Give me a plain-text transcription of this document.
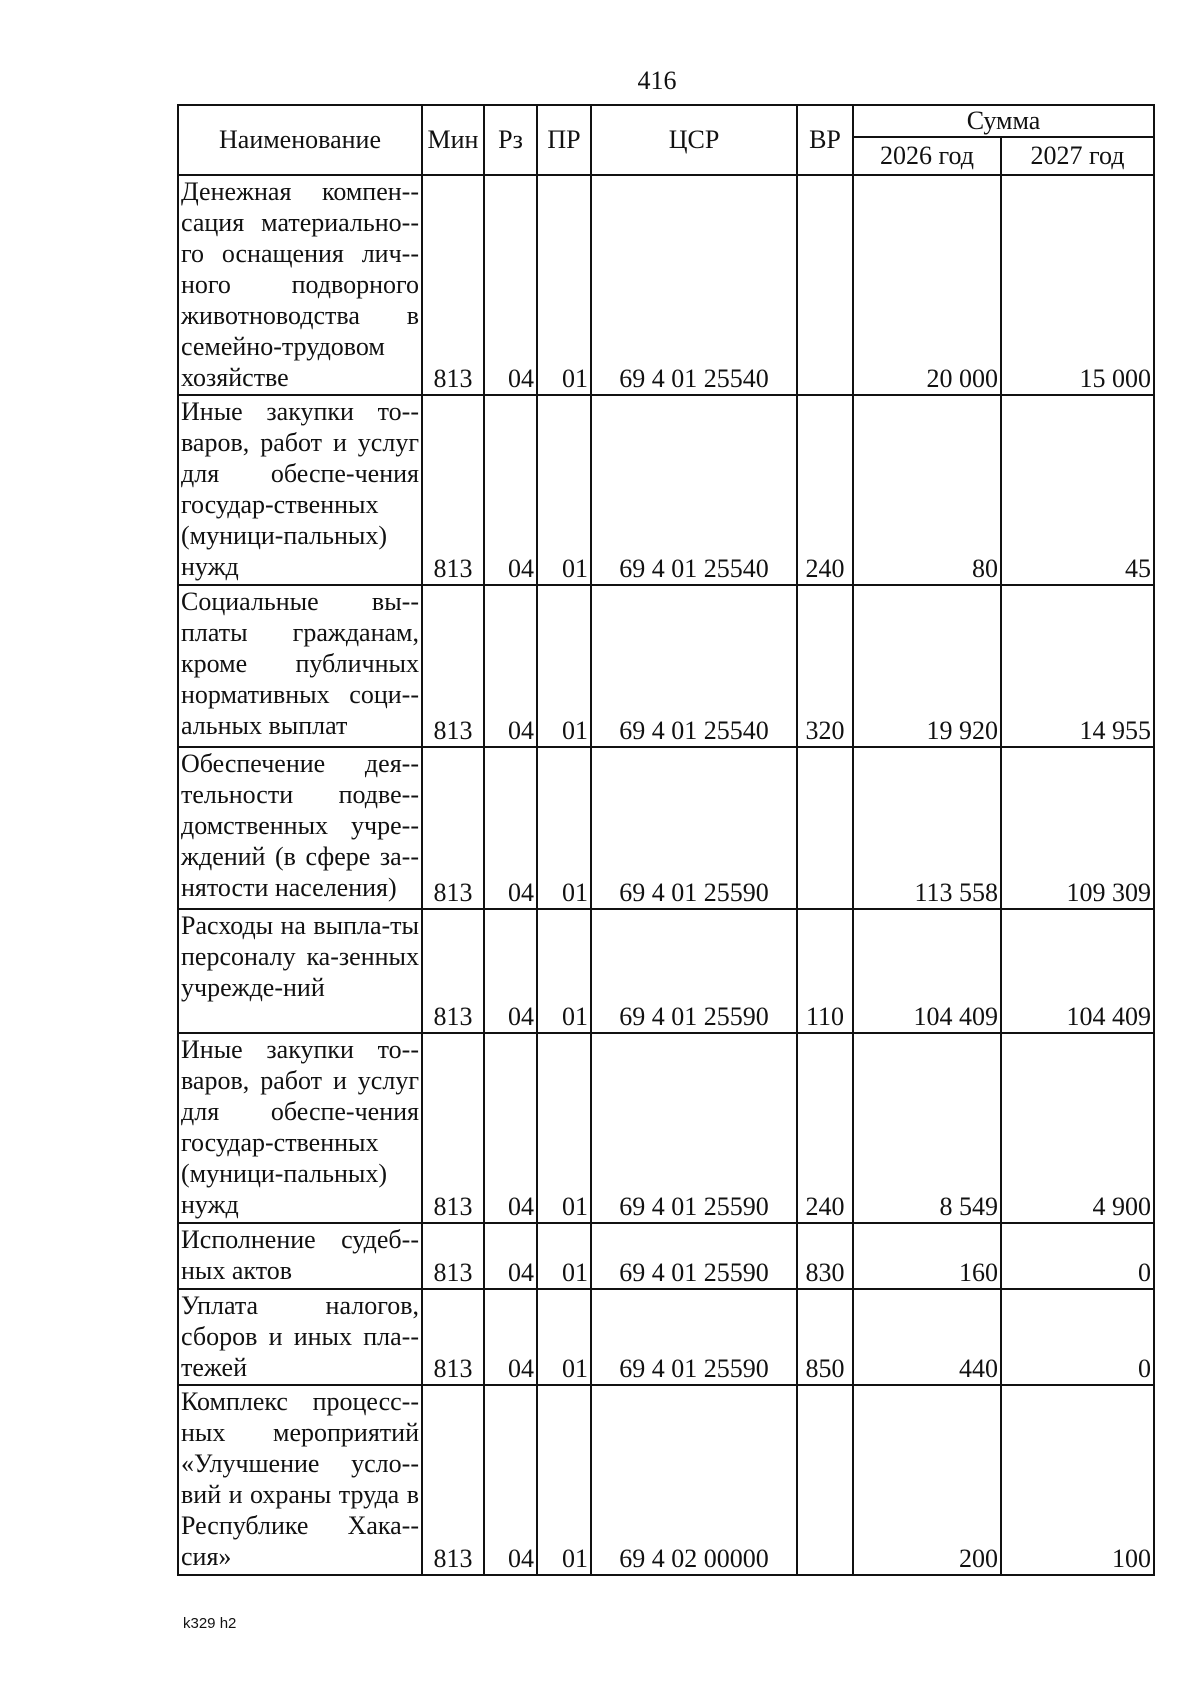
416
Наименование	Мин	Рз	ПР	ЦСР	ВР	Сумма	
						2026 год	2027 год
Денежная компен-сация материально-го оснащения лич-ного подворного животноводства в семейно-трудовом хозяйстве	813	04	01	69 4 01 25540		20 000	15 000
Иные закупки то-варов, работ и услуг для обеспе-чения государ-ственных (муници-пальных) нужд	813	04	01	69 4 01 25540	240	80	45
Социальные вы-платы гражданам, кроме публичных нормативных соци-альных выплат	813	04	01	69 4 01 25540	320	19 920	14 955
Обеспечение дея-тельности подве-домственных учре-ждений (в сфере за-нятости населения)	813	04	01	69 4 01 25590		113 558	109 309
Расходы на выпла-ты персоналу ка-зенных учрежде-ний	813	04	01	69 4 01 25590	110	104 409	104 409
Иные закупки то-варов, работ и услуг для обеспе-чения государ-ственных (муници-пальных) нужд	813	04	01	69 4 01 25590	240	8 549	4 900
Исполнение судеб-ных актов	813	04	01	69 4 01 25590	830	160	0
Уплата налогов, сборов и иных пла-тежей	813	04	01	69 4 01 25590	850	440	0
Комплекс процесс-ных мероприятий «Улучшение усло-вий и охраны труда в Республике Хака-сия»	813	04	01	69 4 02 00000		200	100
k329 h2
